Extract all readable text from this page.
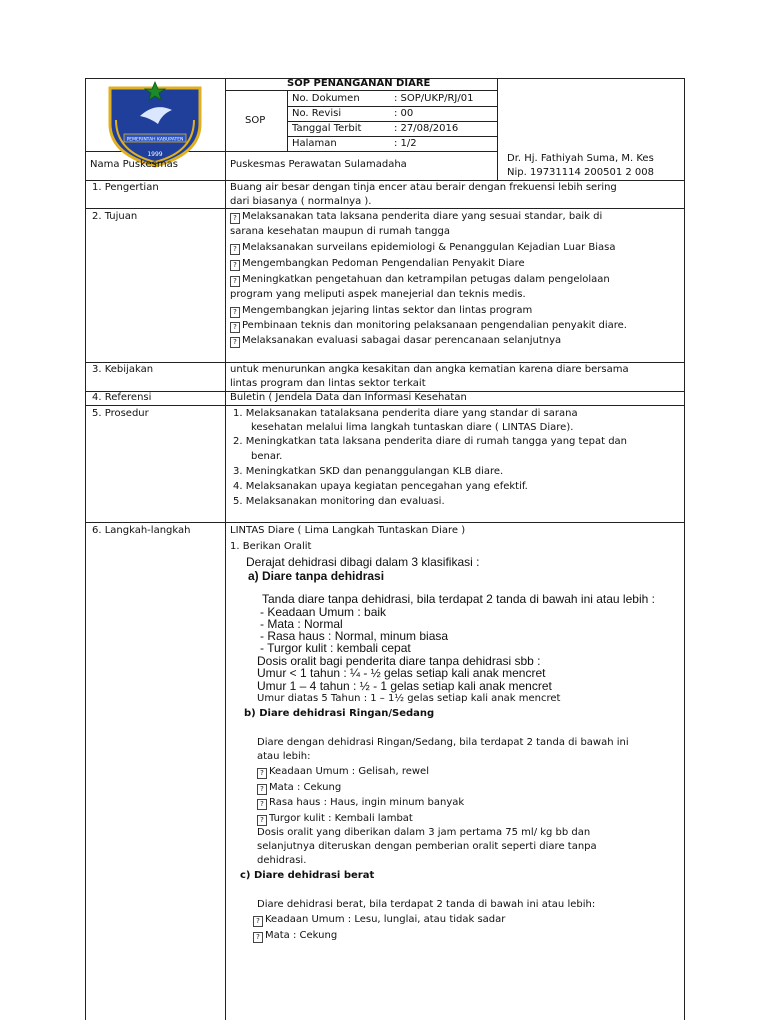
PEMERINTAH KABUPATEN
1999
SOP PENANGANAN DIARE
SOP
No. Dokumen	: SOP/UKP/RJ/01
No. Revisi	: 00
Tanggal Terbit	: 27/08/2016
Halaman	: 1/2
Nama Puskesmas	Puskesmas Perawatan Sulamadaha
Dr. Hj. Fathiyah Suma, M. Kes
Nip. 19731114 200501 2 008
1. Pengertian	Buang air besar dengan tinja encer atau berair dengan frekuensi lebih sering
dari biasanya ( normalnya ).
2. Tujuan	? Melaksanakan tata laksana penderita diare yang sesuai standar, baik di
sarana kesehatan maupun di rumah tangga
? Melaksanakan surveilans epidemiologi & Penanggulan Kejadian Luar Biasa
? Mengembangkan Pedoman Pengendalian Penyakit Diare
? Meningkatkan pengetahuan dan ketrampilan petugas dalam pengelolaan
program yang meliputi aspek manejerial dan teknis medis.
? Mengembangkan jejaring lintas sektor dan lintas program
? Pembinaan teknis dan monitoring pelaksanaan pengendalian penyakit diare.
? Melaksanakan evaluasi sabagai dasar perencanaan selanjutnya
3. Kebijakan	untuk menurunkan angka kesakitan dan angka kematian karena diare bersama
lintas program dan lintas sektor terkait
4. Referensi	Buletin ( Jendela Data dan Informasi Kesehatan
5. Prosedur	1. Melaksanakan tatalaksana penderita diare yang standar di sarana
kesehatan melalui lima langkah tuntaskan diare ( LINTAS Diare).
2. Meningkatkan tata laksana penderita diare di rumah tangga yang tepat dan
benar.
3. Meningkatkan SKD dan penanggulangan KLB diare.
4. Melaksanakan upaya kegiatan pencegahan yang efektif.
5. Melaksanakan monitoring dan evaluasi.
6. Langkah-langkah	LINTAS Diare ( Lima Langkah Tuntaskan Diare )
1. Berikan Oralit
Derajat dehidrasi dibagi dalam 3 klasifikasi :
a) Diare tanpa dehidrasi
Tanda diare tanpa dehidrasi, bila terdapat 2 tanda di bawah ini atau lebih :
- Keadaan Umum : baik
- Mata : Normal
- Rasa haus : Normal, minum biasa
- Turgor kulit : kembali cepat
Dosis oralit bagi penderita diare tanpa dehidrasi sbb :
Umur < 1 tahun : ¼ - ½ gelas setiap kali anak mencret
Umur 1 – 4 tahun : ½ - 1 gelas setiap kali anak mencret
Umur diatas 5 Tahun : 1 – 1½ gelas setiap kali anak mencret
b) Diare dehidrasi Ringan/Sedang
Diare dengan dehidrasi Ringan/Sedang, bila terdapat 2 tanda di bawah ini
atau lebih:
? Keadaan Umum : Gelisah, rewel
? Mata : Cekung
? Rasa haus : Haus, ingin minum banyak
? Turgor kulit : Kembali lambat
Dosis oralit yang diberikan dalam 3 jam pertama 75 ml/ kg bb dan
selanjutnya diteruskan dengan pemberian oralit seperti diare tanpa
dehidrasi.
c) Diare dehidrasi berat
Diare dehidrasi berat, bila terdapat 2 tanda di bawah ini atau lebih:
? Keadaan Umum : Lesu, lunglai, atau tidak sadar
? Mata : Cekung
